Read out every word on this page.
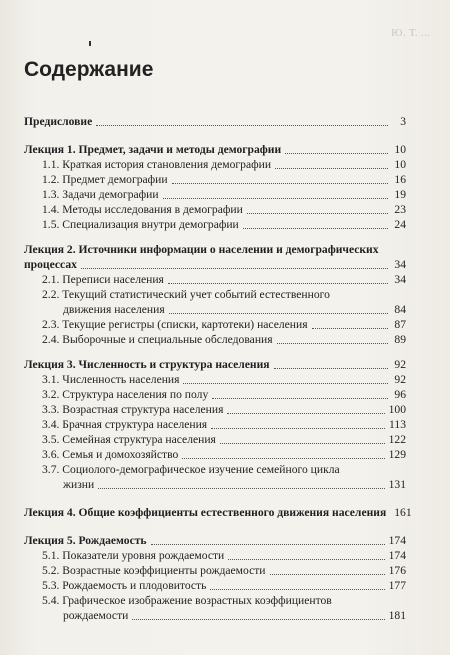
Ю. Т. ...
Содержание
Предисловие	3
Лекция 1. Предмет, задачи и методы демографии	10
1.1. Краткая история становления демографии	10
1.2. Предмет демографии	16
1.3. Задачи демографии	19
1.4. Методы исследования в демографии	23
1.5. Специализация внутри демографии	24
Лекция 2. Источники информации о населении и демографических
процессах	34
2.1. Переписи населения	34
2.2. Текущий статистический учет событий естественного
движения населения	84
2.3. Текущие регистры (списки, картотеки) населения	87
2.4. Выборочные и специальные обследования	89
Лекция 3. Численность и структура населения	92
3.1. Численность населения	92
3.2. Структура населения по полу	96
3.3. Возрастная структура населения	100
3.4. Брачная структура населения	113
3.5. Семейная структура населения	122
3.6. Семья и домохозяйство	129
3.7. Социолого-демографическое изучение семейного цикла
жизни	131
Лекция 4. Общие коэффициенты естественного движения населения 161
Лекция 5. Рождаемость	174
5.1. Показатели уровня рождаемости	174
5.2. Возрастные коэффициенты рождаемости	176
5.3. Рождаемость и плодовитость	177
5.4. Графическое изображение возрастных коэффициентов
рождаемости	181
